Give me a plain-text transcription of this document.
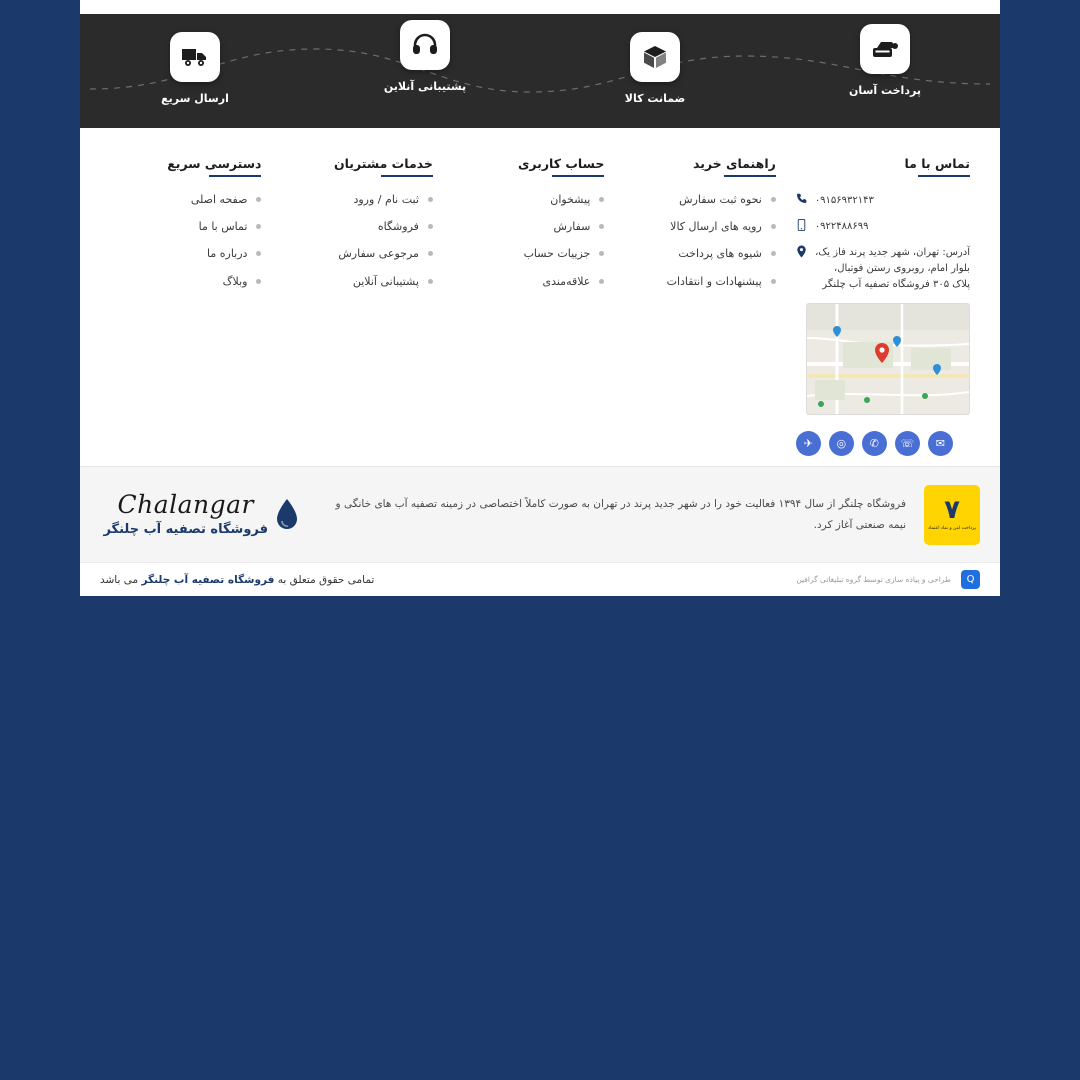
ارسال سریع
پشتیبانی آنلاین
ضمانت کالا
پرداخت آسان
دسترسی سریع
صفحه اصلی
تماس با ما
درباره ما
وبلاگ
خدمات مشتریان
ثبت نام / ورود
فروشگاه
مرجوعی سفارش
پشتیبانی آنلاین
حساب کاربری
پیشخوان
سفارش
جزییات حساب
علاقه‌مندی
راهنمای خرید
نحوه ثبت سفارش
رویه های ارسال کالا
شیوه های پرداخت
پیشنهادات و انتقادات
تماس با ما
۰۹۱۵۶۹۳۲۱۴۳
۰۹۲۲۴۸۸۶۹۹
آدرس: تهران، شهر جدید پرند فاز یک، بلوار امام، روبروی رستن فوتبال، پلاک ۳۰۵ فروشگاه تصفیه آب چلنگر
✈	◎	✆	☏	✉
Chalangar
فروشگاه تصفیه آب چلنگر
فروشگاه چلنگر از سال ۱۳۹۴ فعالیت خود را در شهر جدید پرند در تهران به صورت کاملاً اختصاصی در زمینه تصفیه آب های خانگی و نیمه صنعتی آغاز کرد. ٧
پرداخت امن و نماد اعتماد
تمامی حقوق متعلق به فروشگاه تصفیه آب چلنگر می باشد	طراحی و پیاده سازی توسط گروه تبلیغاتی گرافین	Q
